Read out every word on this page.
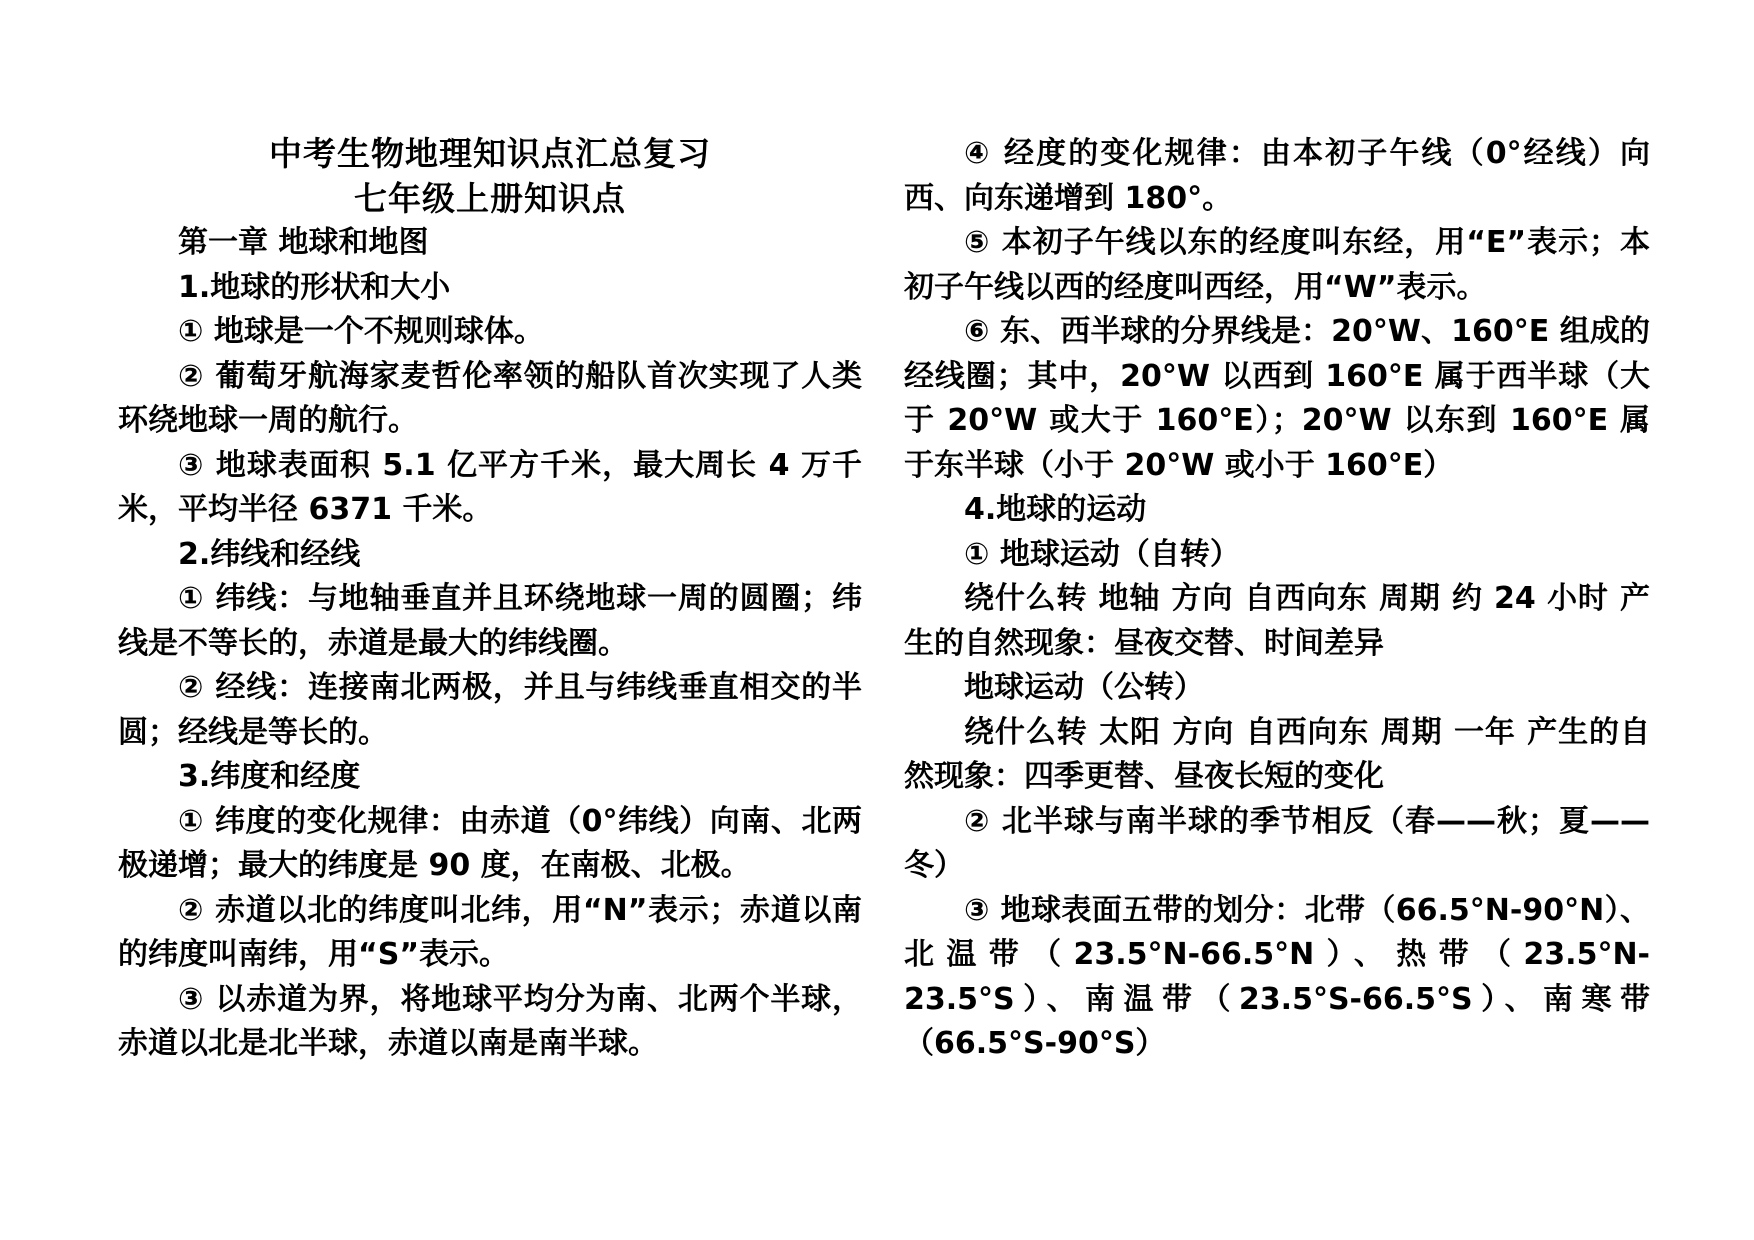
中考生物地理知识点汇总复习

七年级上册知识点

第一章 地球和地图

1.地球的形状和大小

① 地球是一个不规则球体。

② 葡萄牙航海家麦哲伦率领的船队首次实现了人类环绕地球一周的航行。

③ 地球表面积 5.1 亿平方千米，最大周长 4 万千米，平均半径 6371 千米。

2.纬线和经线

① 纬线：与地轴垂直并且环绕地球一周的圆圈；纬线是不等长的，赤道是最大的纬线圈。

② 经线：连接南北两极，并且与纬线垂直相交的半圆；经线是等长的。

3.纬度和经度

① 纬度的变化规律：由赤道（0°纬线）向南、北两极递增；最大的纬度是 90 度，在南极、北极。

② 赤道以北的纬度叫北纬，用“N”表示；赤道以南的纬度叫南纬，用“S”表示。

③ 以赤道为界，将地球平均分为南、北两个半球，赤道以北是北半球，赤道以南是南半球。

④ 经度的变化规律：由本初子午线（0°经线）向西、向东递增到 180°。

⑤ 本初子午线以东的经度叫东经，用“E”表示；本初子午线以西的经度叫西经，用“W”表示。

⑥ 东、西半球的分界线是：20°W、160°E 组成的经线圈；其中，20°W 以西到 160°E 属于西半球（大于 20°W 或大于 160°E）；20°W 以东到 160°E 属于东半球（小于 20°W 或小于 160°E）

4.地球的运动

① 地球运动（自转）

绕什么转 地轴 方向 自西向东 周期 约 24 小时 产生的自然现象：昼夜交替、时间差异

地球运动（公转）

绕什么转 太阳 方向 自西向东 周期 一年 产生的自然现象：四季更替、昼夜长短的变化

② 北半球与南半球的季节相反（春——秋；夏——冬）

③ 地球表面五带的划分：北带（66.5°N-90°N）、北温带（23.5°N-66.5°N）、热带（23.5°N-23.5°S）、南温带（23.5°S-66.5°S）、南寒带（66.5°S-90°S）
